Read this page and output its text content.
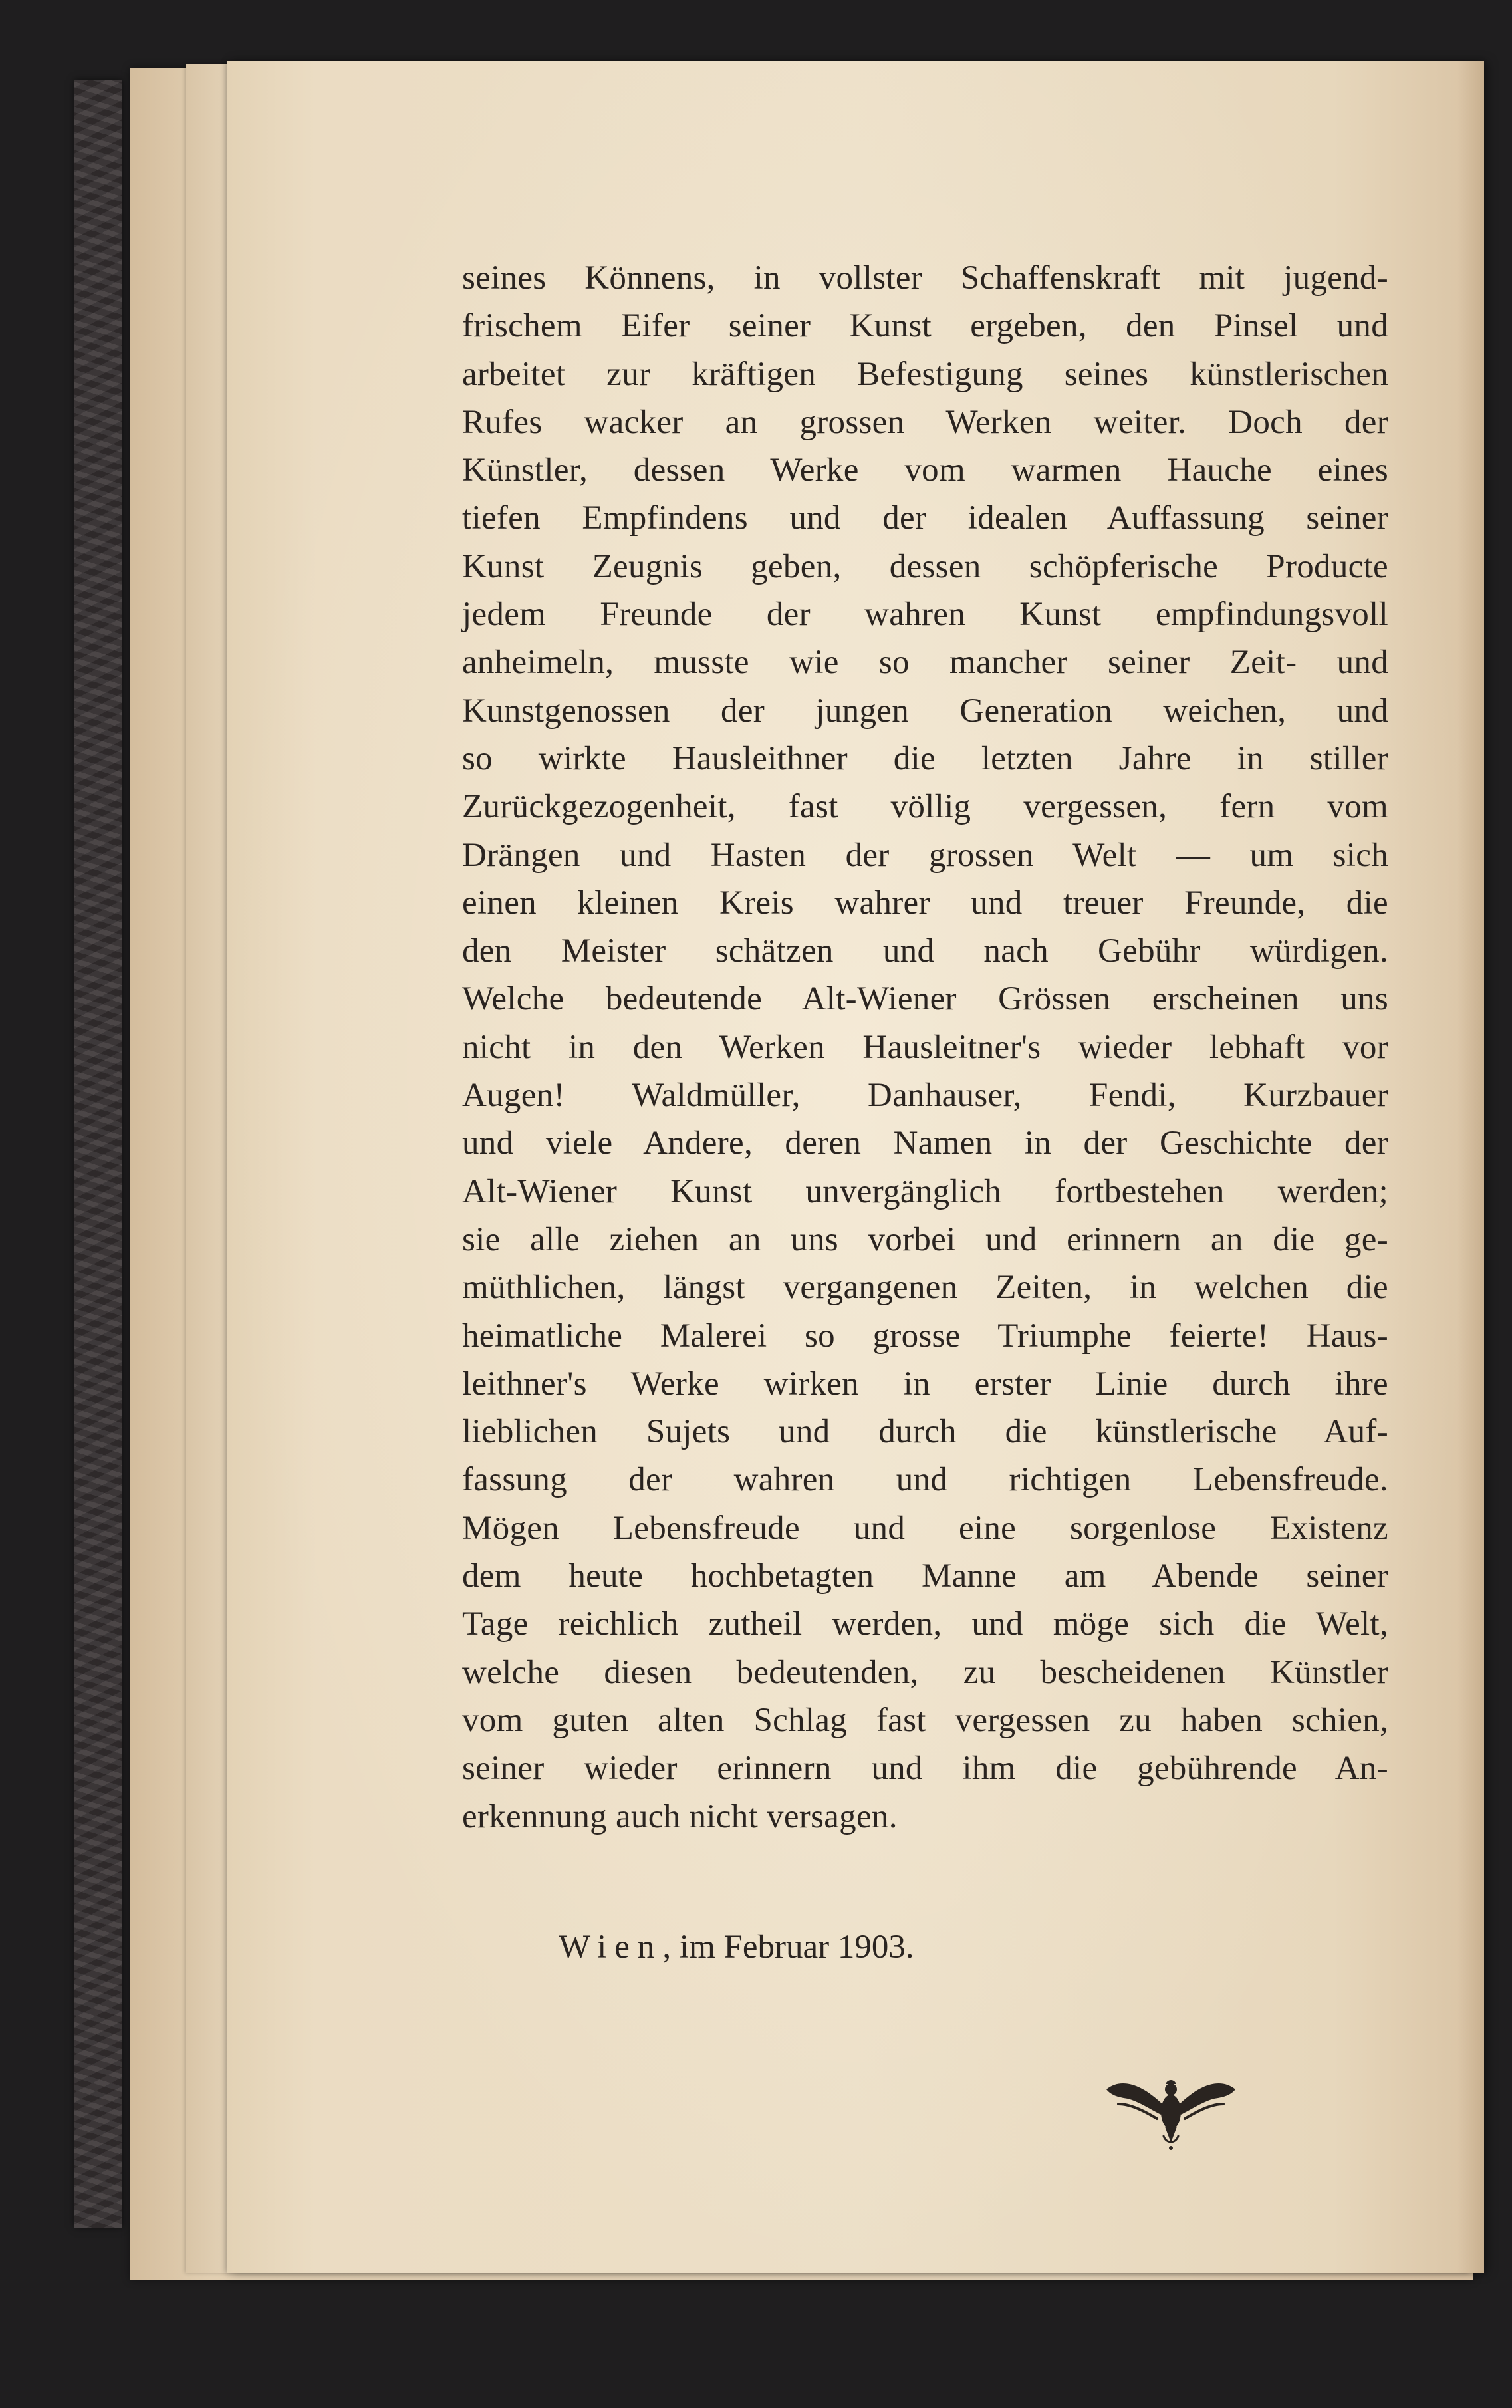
seines Könnens, in vollster Schaffenskraft mit jugend-
frischem Eifer seiner Kunst ergeben, den Pinsel und
arbeitet zur kräftigen Befestigung seines künstlerischen
Rufes wacker an grossen Werken weiter. Doch der
Künstler, dessen Werke vom warmen Hauche eines
tiefen Empfindens und der idealen Auffassung seiner
Kunst Zeugnis geben, dessen schöpferische Producte
jedem Freunde der wahren Kunst empfindungsvoll
anheimeln, musste wie so mancher seiner Zeit- und
Kunstgenossen der jungen Generation weichen, und
so wirkte Hausleithner die letzten Jahre in stiller
Zurückgezogenheit, fast völlig vergessen, fern vom
Drängen und Hasten der grossen Welt — um sich
einen kleinen Kreis wahrer und treuer Freunde, die
den Meister schätzen und nach Gebühr würdigen.
Welche bedeutende Alt-Wiener Grössen erscheinen uns
nicht in den Werken Hausleitner's wieder lebhaft vor
Augen! Waldmüller, Danhauser, Fendi, Kurzbauer
und viele Andere, deren Namen in der Geschichte der
Alt-Wiener Kunst unvergänglich fortbestehen werden;
sie alle ziehen an uns vorbei und erinnern an die ge-
müthlichen, längst vergangenen Zeiten, in welchen die
heimatliche Malerei so grosse Triumphe feierte! Haus-
leithner's Werke wirken in erster Linie durch ihre
lieblichen Sujets und durch die künstlerische Auf-
fassung der wahren und richtigen Lebensfreude.
Mögen Lebensfreude und eine sorgenlose Existenz
dem heute hochbetagten Manne am Abende seiner
Tage reichlich zutheil werden, und möge sich die Welt,
welche diesen bedeutenden, zu bescheidenen Künstler
vom guten alten Schlag fast vergessen zu haben schien,
seiner wieder erinnern und ihm die gebührende An-
erkennung auch nicht versagen.
Wien, im Februar 1903.
